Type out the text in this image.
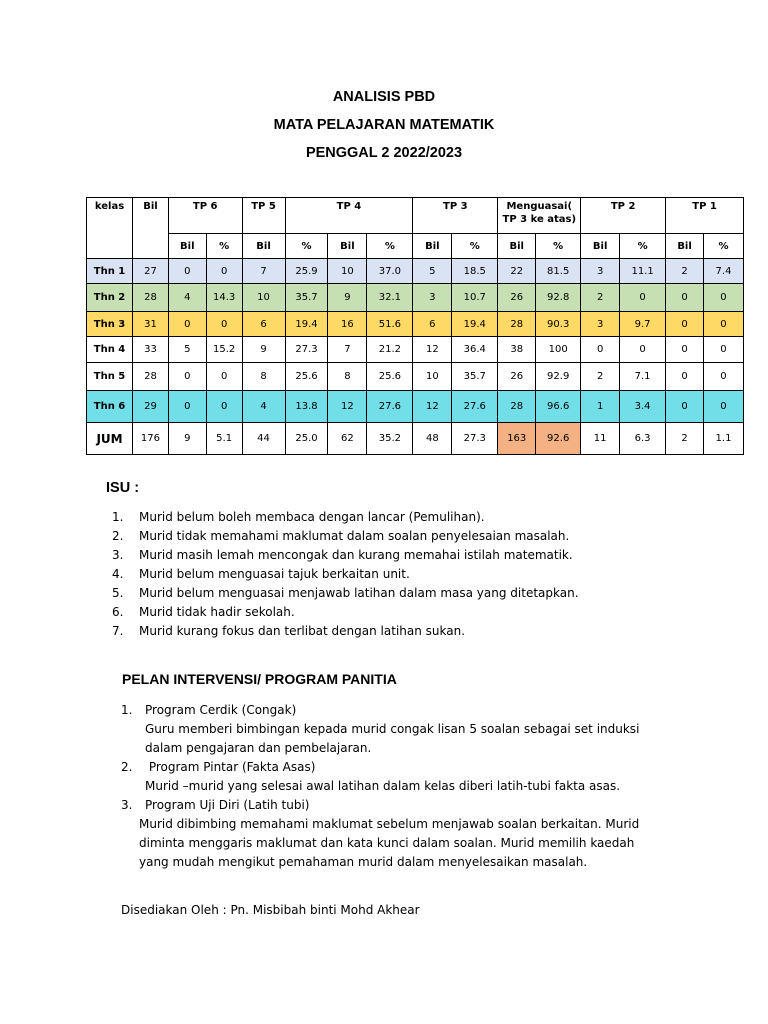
ANALISIS PBD
MATA PELAJARAN MATEMATIK
PENGGAL 2 2022/2023
kelas	Bil	TP 6		TP 5	TP 4			TP 3		Menguasai(
TP 3 ke atas)		TP 2		TP 1	
		Bil	%	Bil	%	Bil	%	Bil	%	Bil	%	Bil	%	Bil	%
Thn 1	27	0	0	7	25.9	10	37.0	5	18.5	22	81.5	3	11.1	2	7.4
Thn 2	28	4	14.3	10	35.7	9	32.1	3	10.7	26	92.8	2	0	0	0
Thn 3	31	0	0	6	19.4	16	51.6	6	19.4	28	90.3	3	9.7	0	0
Thn 4	33	5	15.2	9	27.3	7	21.2	12	36.4	38	100	0	0	0	0
Thn 5	28	0	0	8	25.6	8	25.6	10	35.7	26	92.9	2	7.1	0	0
Thn 6	29	0	0	4	13.8	12	27.6	12	27.6	28	96.6	1	3.4	0	0
JUM	176	9	5.1	44	25.0	62	35.2	48	27.3	163	92.6	11	6.3	2	1.1
ISU :
1. Murid belum boleh membaca dengan lancar (Pemulihan).
2. Murid tidak memahami maklumat dalam soalan penyelesaian masalah.
3. Murid masih lemah mencongak dan kurang memahai istilah matematik.
4. Murid belum menguasai tajuk berkaitan unit.
5. Murid belum menguasai menjawab latihan dalam masa yang ditetapkan.
6. Murid tidak hadir sekolah.
7. Murid kurang fokus dan terlibat dengan latihan sukan.
PELAN INTERVENSI/ PROGRAM PANITIA
1. Program Cerdik (Congak)
Guru memberi bimbingan kepada murid congak lisan 5 soalan sebagai set induksi
dalam pengajaran dan pembelajaran.
2. Program Pintar (Fakta Asas)
Murid –murid yang selesai awal latihan dalam kelas diberi latih-tubi fakta asas.
3. Program Uji Diri (Latih tubi)
Murid dibimbing memahami maklumat sebelum menjawab soalan berkaitan. Murid
diminta menggaris maklumat dan kata kunci dalam soalan. Murid memilih kaedah
yang mudah mengikut pemahaman murid dalam menyelesaikan masalah.
Disediakan Oleh : Pn. Misbibah binti Mohd Akhear
